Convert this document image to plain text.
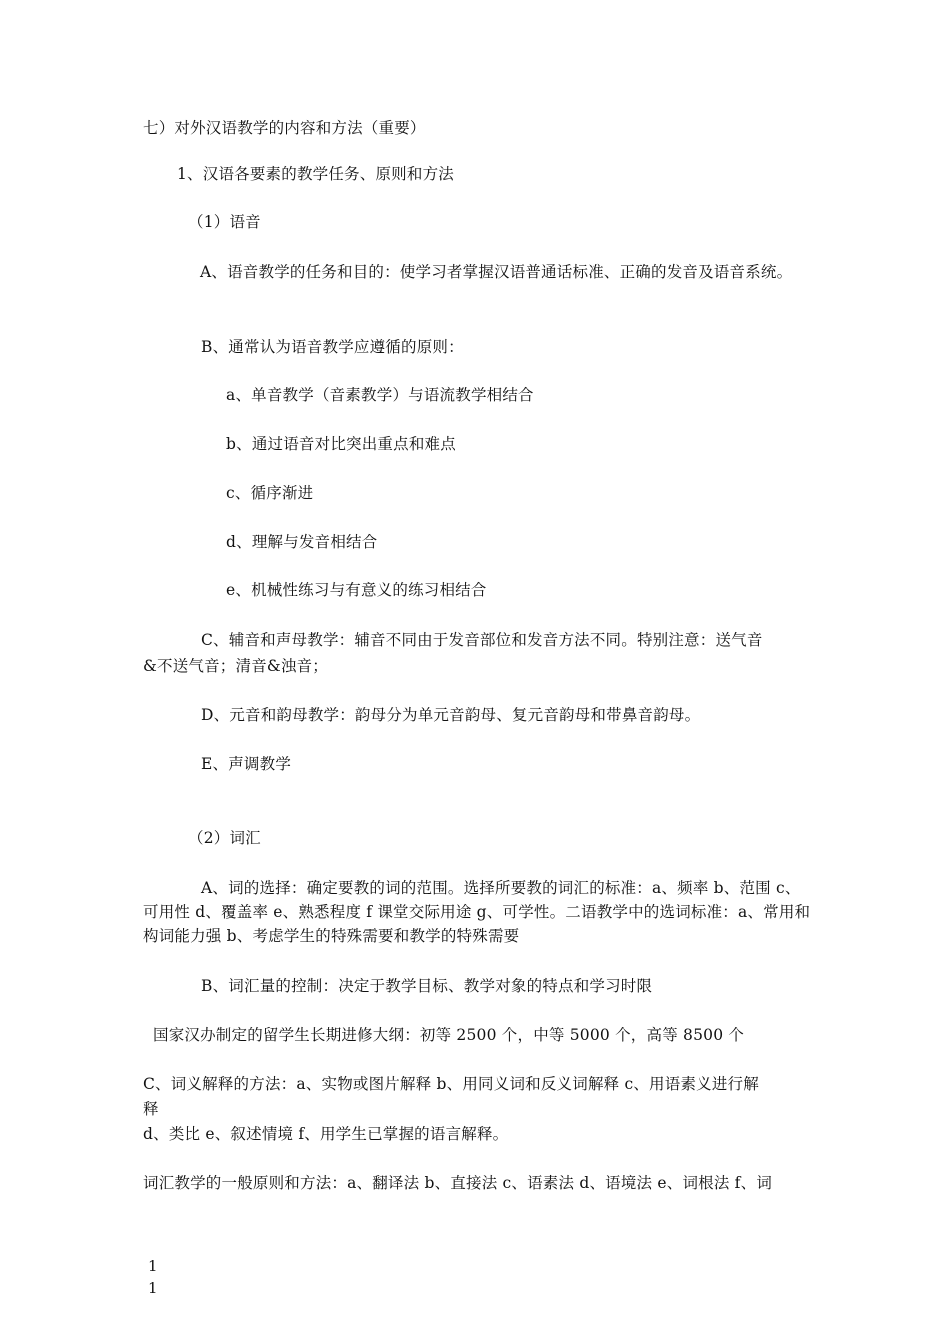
七）对外汉语教学的内容和方法（重要）

1、汉语各要素的教学任务、原则和方法

（1）语音

A、语音教学的任务和目的：使学习者掌握汉语普通话标准、正确的发音及语音系统。

B、通常认为语音教学应遵循的原则：

a、单音教学（音素教学）与语流教学相结合

b、通过语音对比突出重点和难点

c、循序渐进

d、理解与发音相结合

e、机械性练习与有意义的练习相结合

C、辅音和声母教学：辅音不同由于发音部位和发音方法不同。特别注意：送气音

&不送气音；清音&浊音；

D、元音和韵母教学：韵母分为单元音韵母、复元音韵母和带鼻音韵母。

E、声调教学

（2）词汇

A、词的选择：确定要教的词的范围。选择所要教的词汇的标准：a、频率 b、范围 c、可用性 d、覆盖率 e、熟悉程度 f 课堂交际用途 g、可学性。二语教学中的选词标准：a、常用和构词能力强 b、考虑学生的特殊需要和教学的特殊需要

B、词汇量的控制：决定于教学目标、教学对象的特点和学习时限

国家汉办制定的留学生长期进修大纲：初等 2500 个，中等 5000 个，高等 8500 个

C、词义解释的方法：a、实物或图片解释 b、用同义词和反义词解释 c、用语素义进行解

释

d、类比 e、叙述情境 f、用学生已掌握的语言解释。

词汇教学的一般原则和方法：a、翻译法 b、直接法 c、语素法 d、语境法 e、词根法 f、词

1
1
